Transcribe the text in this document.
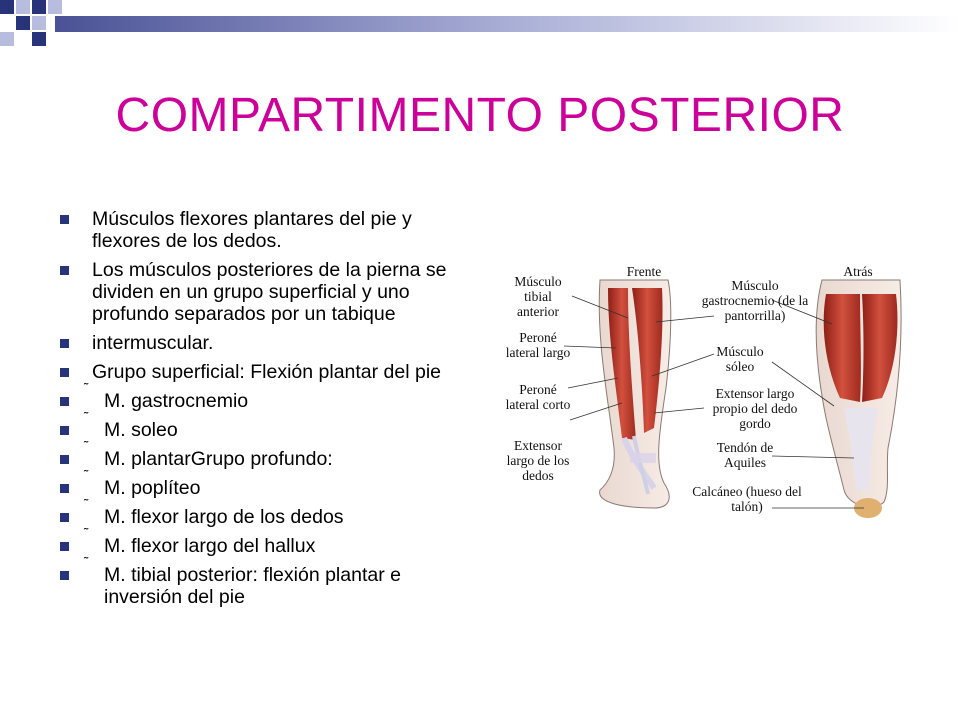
COMPARTIMENTO POSTERIOR
Músculos flexores plantares del pie y flexores de los dedos.
Los músculos posteriores de la pierna se dividen en un grupo superficial y uno profundo separados por un tabique
intermuscular.
Grupo superficial: Flexión plantar del pie
˜
M. gastrocnemio
˜
M. soleo
˜
M. plantarGrupo profundo:
˜
M. poplíteo
˜
M. flexor largo de los dedos
˜
M. flexor largo del hallux
˜
M. tibial posterior: flexión plantar e inversión del pie
Frente	Atrás
Músculo tibial anterior
Peroné lateral largo
Peroné lateral corto
Extensor largo de los dedos
Músculo gastrocnemio (de la pantorrilla)
Músculo sóleo
Extensor largo propio del dedo gordo
Tendón de Aquiles
Calcáneo (hueso del talón)
